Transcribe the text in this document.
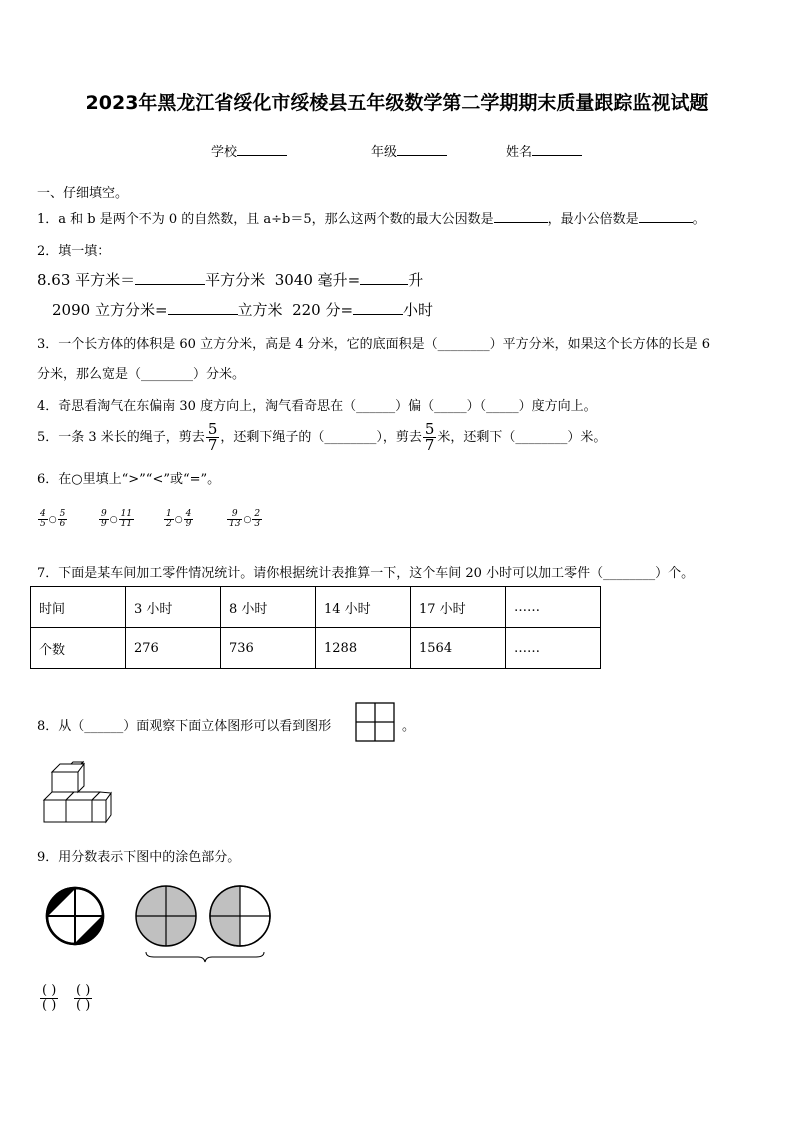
2023年黑龙江省绥化市绥棱县五年级数学第二学期期末质量跟踪监视试题
学校	年级	姓名
一、仔细填空。
1．a 和 b 是两个不为 0 的自然数，且 a÷b＝5，那么这两个数的最大公因数是	，最小公倍数是	。
2．填一填：
8.63 平方米＝	平方分米 3040 毫升=	升
2090 立方分米=	立方米 220 分=	小时
3．一个长方体的体积是 60 立方分米，高是 4 分米，它的底面积是（________）平方分米，如果这个长方体的长是 6
分米，那么宽是（________）分米。
4．奇思看淘气在东偏南 30 度方向上，淘气看奇思在（______）偏（_____）（_____）度方向上。
5．一条 3 米长的绳子，剪去 $\frac{5}{7}$ ，还剩下绳子的（________），剪去 $\frac{5}{7}$ 米，还剩下（________）米。
6．在○里填上“>”“<”或“=”。
$\frac{4}{5}$ ○ $\frac{5}{6}$	$\frac{9}{9}$ ○ $\frac{11}{11}$	$\frac{1}{2}$ ○ $\frac{4}{9}$	$\frac{9}{13}$ ○ $\frac{2}{3}$
7．下面是某车间加工零件情况统计。请你根据统计表推算一下，这个车间 20 小时可以加工零件（________）个。
时间	3 小时	8 小时	14 小时	17 小时	……
个数	276	736	1288	1564	……
8．从（______）面观察下面立体图形可以看到图形	。
9．用分数表示下图中的涂色部分。
$\frac{( )}{( )}$	$\frac{( )}{( )}$
